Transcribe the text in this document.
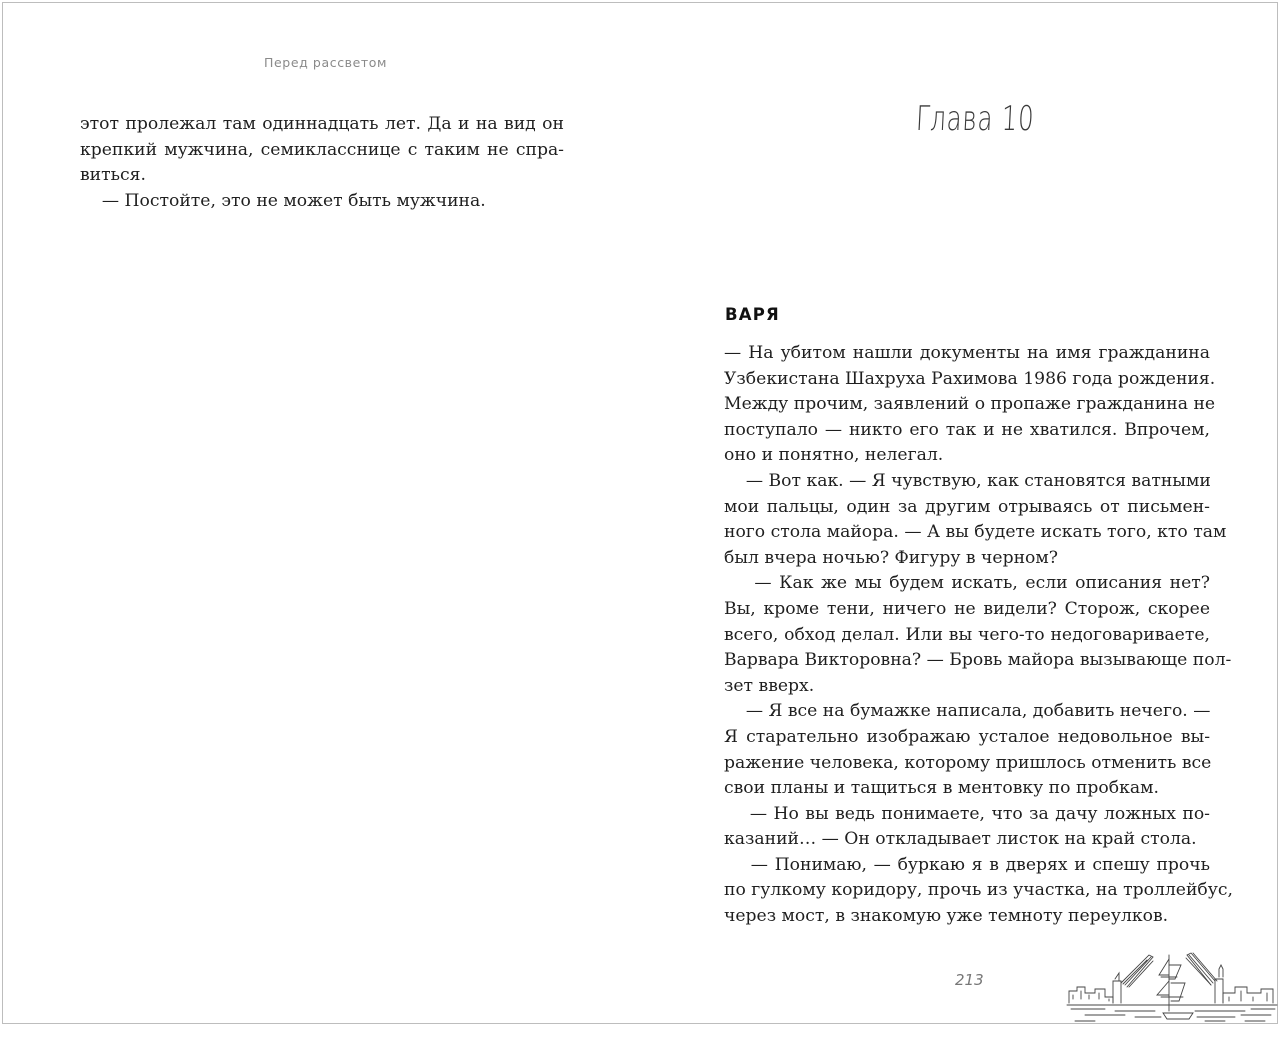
Перед рассветом
этот пролежал там одиннадцать лет. Да и на вид он
крепкий мужчина, семикласснице с таким не спра-
виться.
— Постойте, это не может быть мужчина.
Глава 10
ВАРЯ
— На убитом нашли документы на имя гражданина
Узбекистана Шахруха Рахимова 1986 года рождения.
Между прочим, заявлений о пропаже гражданина не
поступало — никто его так и не хватился. Впрочем,
оно и понятно, нелегал.
— Вот как. — Я чувствую, как становятся ватными
мои пальцы, один за другим отрываясь от письмен-
ного стола майора. — А вы будете искать того, кто там
был вчера ночью? Фигуру в черном?
— Как же мы будем искать, если описания нет?
Вы, кроме тени, ничего не видели? Сторож, скорее
всего, обход делал. Или вы чего-то недоговариваете,
Варвара Викторовна? — Бровь майора вызывающе пол-
зет вверх.
— Я все на бумажке написала, добавить нечего. —
Я старательно изображаю усталое недовольное вы-
ражение человека, которому пришлось отменить все
свои планы и тащиться в ментовку по пробкам.
— Но вы ведь понимаете, что за дачу ложных по-
казаний… — Он откладывает листок на край стола.
— Понимаю, — буркаю я в дверях и спешу прочь
по гулкому коридору, прочь из участка, на троллейбус,
через мост, в знакомую уже темноту переулков.
213
